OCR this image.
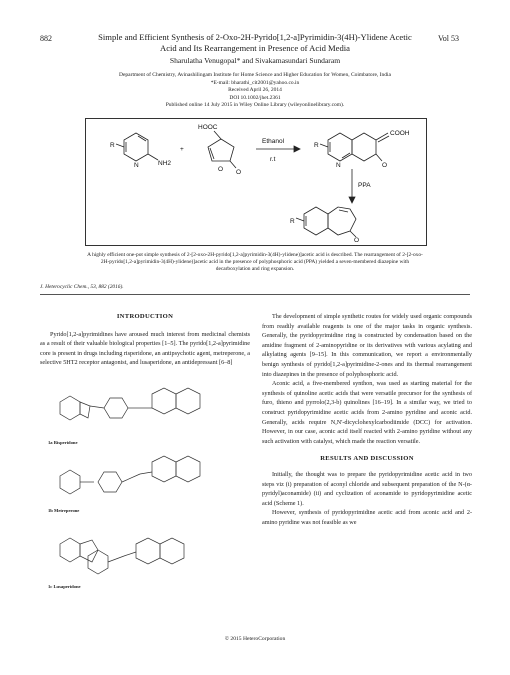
882	Vol 53
Simple and Efficient Synthesis of 2-Oxo-2H-Pyrido[1,2-a]Pyrimidin-3(4H)-Ylidene Acetic Acid and Its Rearrangement in Presence of Acid Media
Sharulatha Venugopal* and Sivakamasundari Sundaram
Department of Chemistry, Avinashilingam Institute for Home Science and Higher Education for Women, Coimbatore, India
*E-mail: bharathi_cit2001@yahoo.co.in
Received April 26, 2014
DOI 10.1002/jhet.2361
Published online 14 July 2015 in Wiley Online Library (wileyonlinelibrary.com).
R
N	NH2
+
HOOC
O O
Ethanol
r.t
R
N	O
COOH
PPA
R
O
A highly efficient one-pot simple synthesis of 2-[2-oxo-2H-pyrido[1,2-a]pyrimidin-3(4H)-ylidene)]acetic acid is described. The rearrangement of 2-[2-oxo-2H-pyrido[1,2-a]pyrimidin-3(4H)-ylidene)]acetic acid in the presence of polyphosphoric acid (PPA) yielded a seven-membered diazepine with decarboxylation and ring expansion.
J. Heterocyclic Chem., 53, 882 (2016).
INTRODUCTION

Pyrido[1,2-a]pyrimidines have aroused much interest from medicinal chemists as a result of their valuable biological properties [1–5]. The pyrido[1,2-a]pyrimidine core is present in drugs including risperidone, an antipsychotic agent, metreperone, a selective 5HT2 receptor antagonist, and lusaperidone, an antidepressant [6–8]

1a Risperidone
1b Metreperone
1c Lusaperidone

The development of simple synthetic routes for widely used organic compounds from readily available reagents is one of the major tasks in organic synthesis. Generally, the pyridopyrimidine ring is constructed by condensation based on the amidine fragment of 2-aminopyridine or its derivatives with various acylating and alkylating agents [9–15]. In this communication, we report a environmentally benign synthesis of pyrido[1,2-a]pyrimidine-2-ones and its thermal rearrangement into diazepines in the presence of polyphosphoric acid.

Aconic acid, a five-membered synthon, was used as starting material for the synthesis of quinoline acetic acids that were versatile precursor for the synthesis of furo, thieno and pyrrolo(2,3-b) quinolines [16–19]. In a similar way, we tried to construct pyridopyrimidine acetic acids from 2-amino pyridine and aconic acid. Generally, acids require N,N'-dicyclohexylcarbodiimide (DCC) for activation. However, in our case, aconic acid itself reacted with 2-amino pyridine without any such activation with catalyst, which made the reaction versatile.

RESULTS AND DISCUSSION

Initially, the thought was to prepare the pyridopyrimidine acetic acid in two steps viz (i) preparation of aconyl chloride and subsequent preparation of the N-(α-pyridyl)aconamide) (ii) and cyclization of aconamide to pyridopyrimidine acetic acid (Scheme 1).

However, synthesis of pyridopyrimidine acetic acid from aconic acid and 2-amino pyridine was not feasible as we

© 2015 HeteroCorporation
